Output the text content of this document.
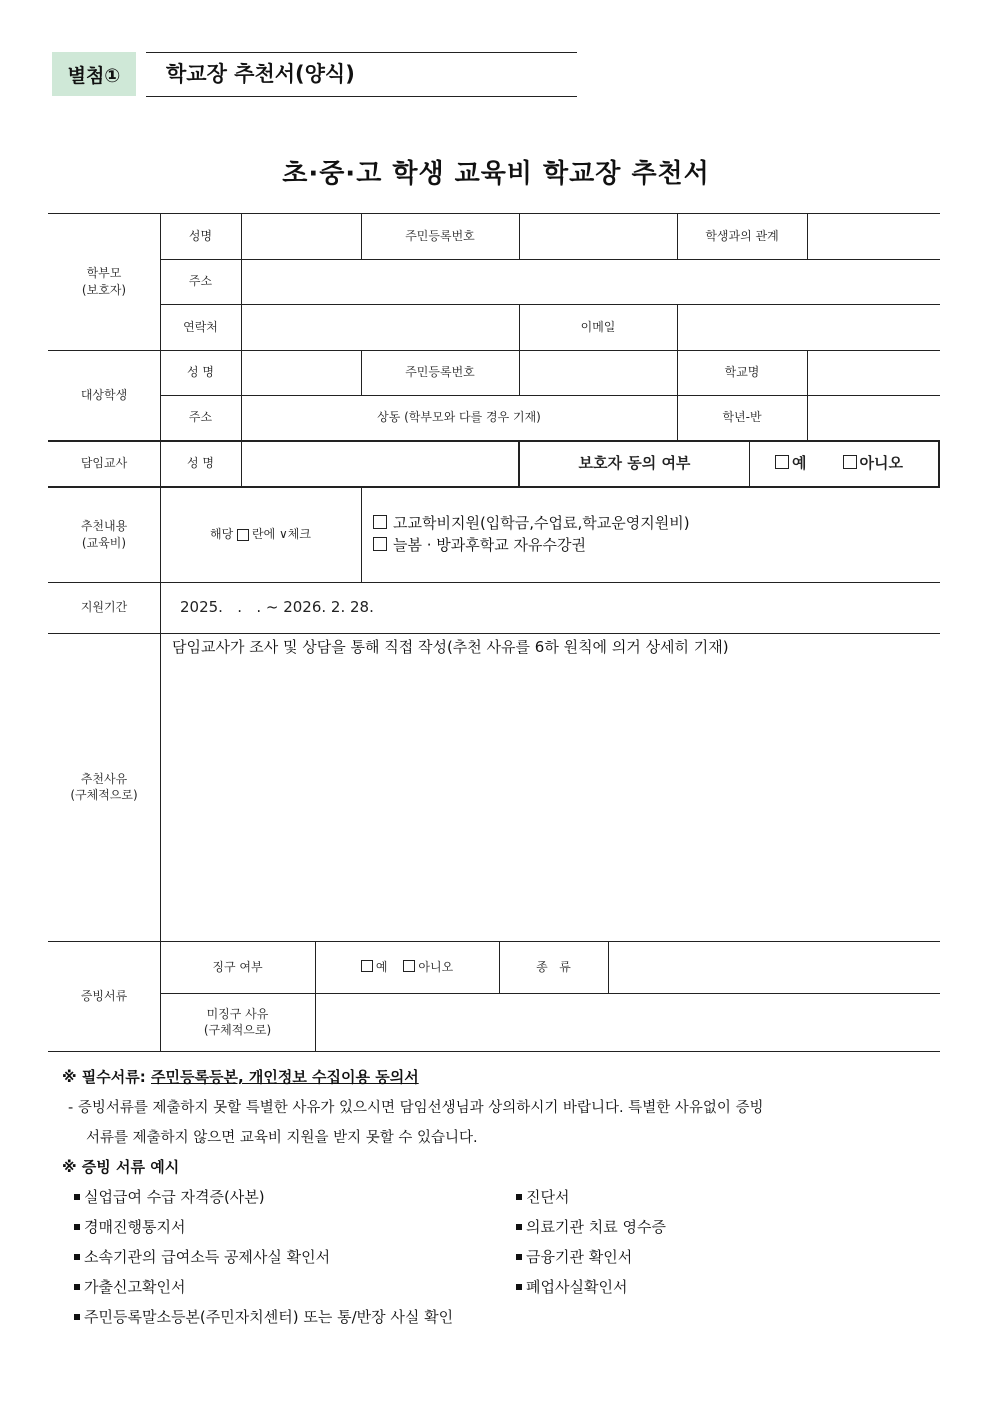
별첨①	학교장 추천서(양식)
초·중·고 학생 교육비 학교장 추천서
학부모
(보호자)
성명	주민등록번호	학생과의 관계
주소
연락처	이메일
대상학생
성 명	주민등록번호	학교명
주소	상동 (학부모와 다를 경우 기재)	학년-반
담임교사	성 명	보호자 동의 여부	예	아니오
추천내용
(교육비)
해당 란에 ∨체크
고교학비지원(입학금,수업료,학교운영지원비)
늘봄 · 방과후학교 자유수강권
지원기간	2025.   .   . ~ 2026. 2. 28.
추천사유
(구체적으로)
담임교사가 조사 및 상담을 통해 직접 작성(추천 사유를 6하 원칙에 의거 상세히 기재)
증빙서류
징구 여부	예	아니오	종   류
미징구 사유
(구체적으로)
※ 필수서류: 주민등록등본, 개인정보 수집이용 동의서
- 증빙서류를 제출하지 못할 특별한 사유가 있으시면 담임선생님과 상의하시기 바랍니다. 특별한 사유없이 증빙
서류를 제출하지 않으면 교육비 지원을 받지 못할 수 있습니다.
※ 증빙 서류 예시
실업급여 수급 자격증(사본)
경매진행통지서
소속기관의 급여소득 공제사실 확인서
가출신고확인서
주민등록말소등본(주민자치센터) 또는 통/반장 사실 확인
진단서
의료기관 치료 영수증
금융기관 확인서
폐업사실확인서
